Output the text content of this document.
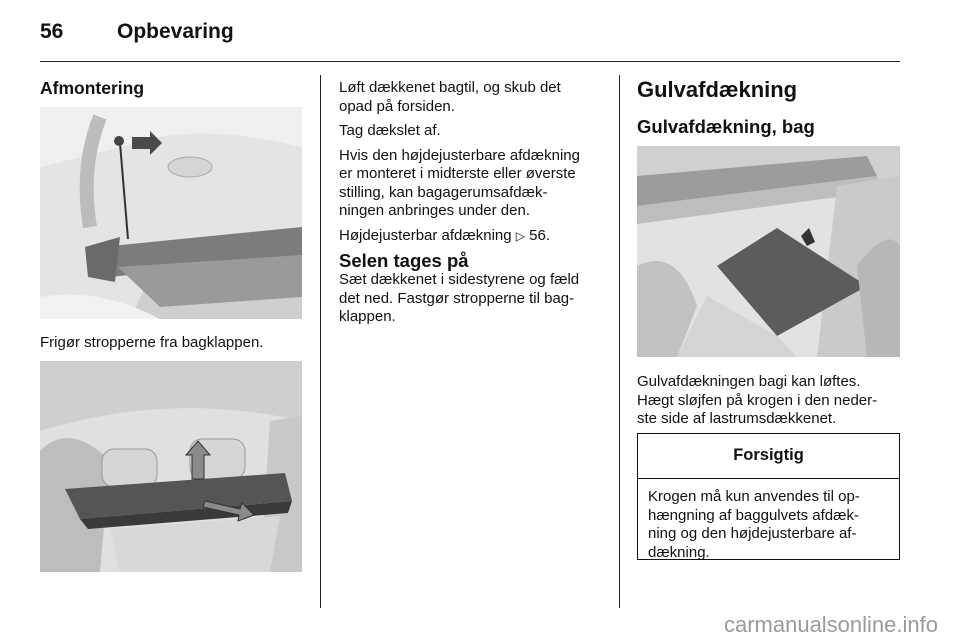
56	Opbevaring
Afmontering
Frigør stropperne fra bagklappen.

Løft dækkenet bagtil, og skub det
opad på forsiden.

Tag dækslet af.

Hvis den højdejusterbare afdækning
er monteret i midterste eller øverste
stilling, kan bagagerumsafdæk-
ningen anbringes under den.

Højdejusterbar afdækning ▷ 56.

Selen tages på
Sæt dækkenet i sidestyrene og fæld
det ned. Fastgør stropperne til bag-
klappen.
Gulvafdækning
Gulvafdækning, bag
Gulvafdækningen bagi kan løftes.
Hægt sløjfen på krogen i den neder-
ste side af lastrumsdækkenet.
Forsigtig
Krogen må kun anvendes til op-
hængning af baggulvets afdæk-
ning og den højdejusterbare af-
dækning.
carmanualsonline.info
